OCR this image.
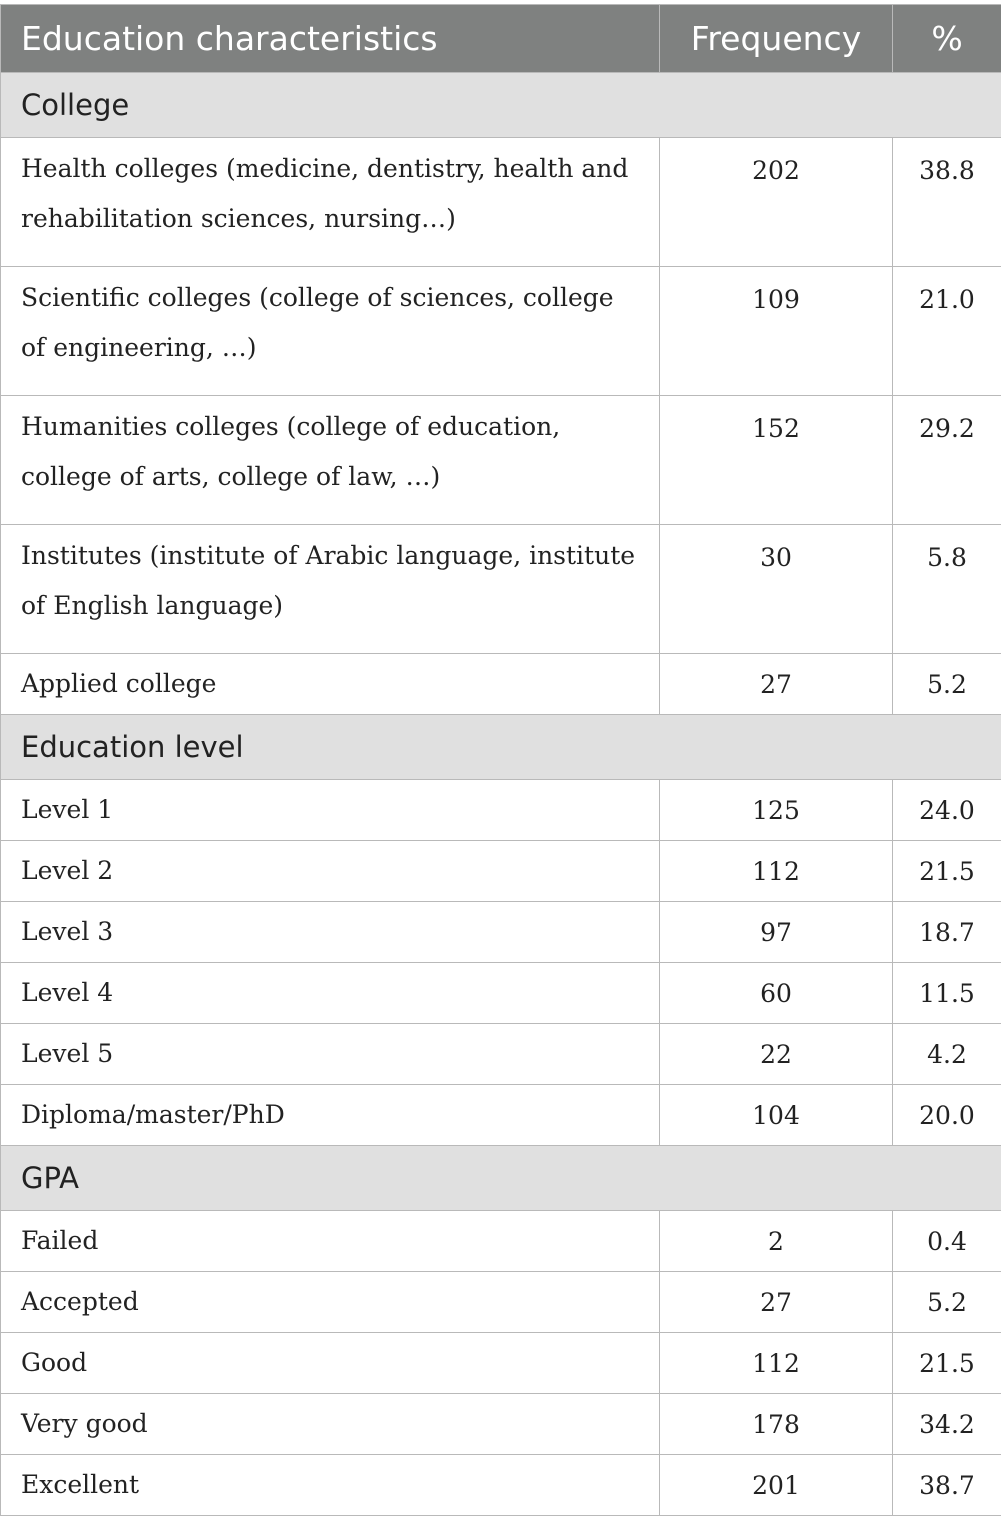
Education characteristics	Frequency	%
College		
Health colleges (medicine, dentistry, health and rehabilitation sciences, nursing…)	202	38.8
Scientific colleges (college of sciences, college of engineering, …)	109	21.0
Humanities colleges (college of education, college of arts, college of law, …)	152	29.2
Institutes (institute of Arabic language, institute of English language)	30	5.8
Applied college	27	5.2
Education level		
Level 1	125	24.0
Level 2	112	21.5
Level 3	97	18.7
Level 4	60	11.5
Level 5	22	4.2
Diploma/master/PhD	104	20.0
GPA		
Failed	2	0.4
Accepted	27	5.2
Good	112	21.5
Very good	178	34.2
Excellent	201	38.7
